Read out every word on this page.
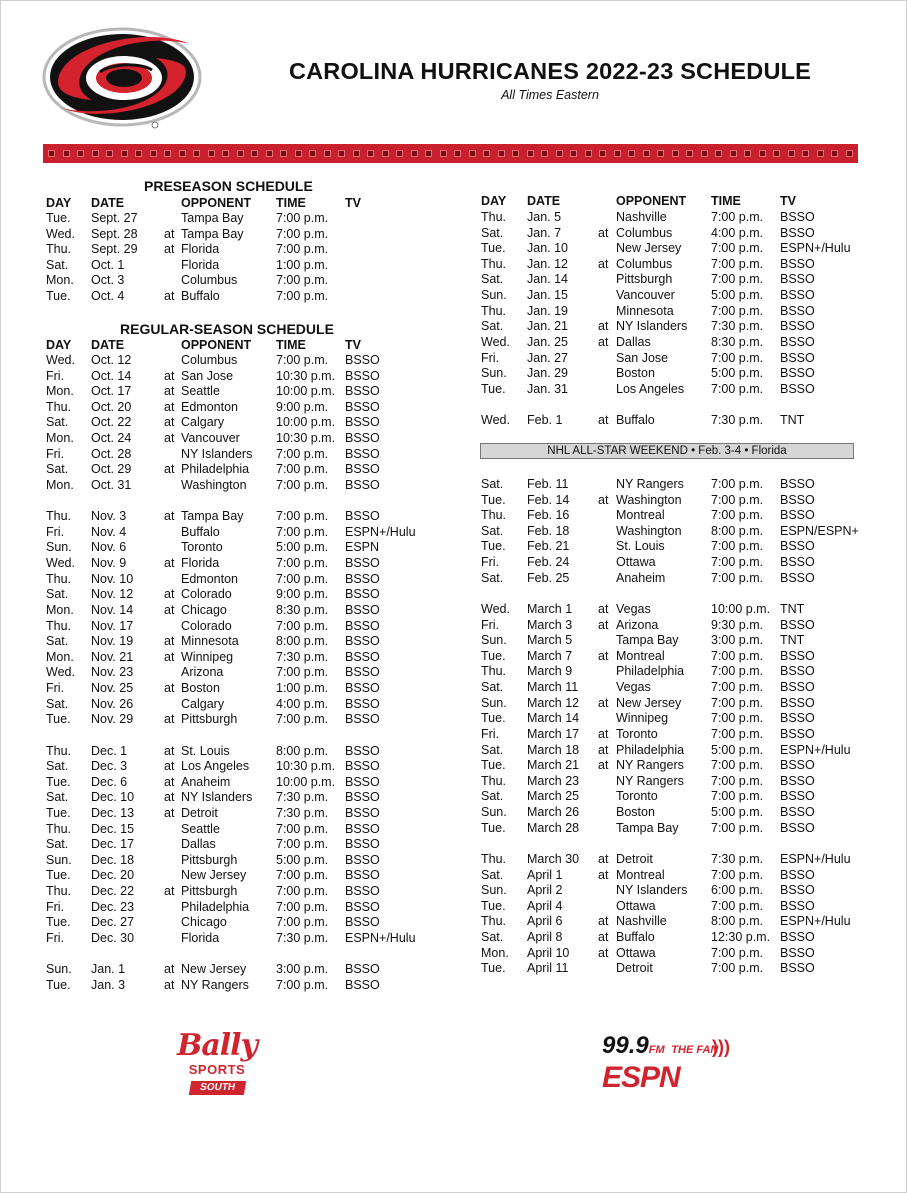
CAROLINA HURRICANES 2022-23 SCHEDULE
All Times Eastern
PRESEASON SCHEDULE
REGULAR-SEASON SCHEDULE
DAY DATE	OPPONENT TIME	TV
Tue. Sept. 27	Tampa Bay	7:00 p.m.
Wed. Sept. 28 at Tampa Bay	7:00 p.m.
Thu. Sept. 29 at Florida	7:00 p.m.
Sat. Oct. 1	Florida	1:00 p.m.
Mon. Oct. 3	Columbus	7:00 p.m.
Tue. Oct. 4	at Buffalo	7:00 p.m.
DAY DATE	OPPONENT TIME	TV
Wed. Oct. 12	Columbus	7:00 p.m. BSSO
Fri. Oct. 14	at San Jose	10:30 p.m. BSSO
Mon. Oct. 17	at Seattle	10:00 p.m. BSSO
Thu. Oct. 20	at Edmonton	9:00 p.m. BSSO
Sat. Oct. 22	at Calgary	10:00 p.m. BSSO
Mon. Oct. 24	at Vancouver	10:30 p.m. BSSO
Fri. Oct. 28	NY Islanders 7:00 p.m. BSSO
Sat. Oct. 29	at Philadelphia 7:00 p.m. BSSO
Mon. Oct. 31	Washington 7:00 p.m. BSSO
Thu. Nov. 3	at Tampa Bay	7:00 p.m. BSSO
Fri. Nov. 4	Buffalo	7:00 p.m. ESPN+/Hulu
Sun. Nov. 6	Toronto	5:00 p.m. ESPN
Wed. Nov. 9	at Florida	7:00 p.m. BSSO
Thu. Nov. 10	Edmonton	7:00 p.m. BSSO
Sat. Nov. 12 at Colorado	9:00 p.m. BSSO
Mon. Nov. 14 at Chicago	8:30 p.m. BSSO
Thu. Nov. 17	Colorado	7:00 p.m. BSSO
Sat. Nov. 19 at Minnesota	8:00 p.m. BSSO
Mon. Nov. 21 at Winnipeg	7:30 p.m. BSSO
Wed. Nov. 23	Arizona	7:00 p.m. BSSO
Fri. Nov. 25 at Boston	1:00 p.m. BSSO
Sat. Nov. 26	Calgary	4:00 p.m. BSSO
Tue. Nov. 29 at Pittsburgh	7:00 p.m. BSSO
Thu. Dec. 1	at St. Louis	8:00 p.m. BSSO
Sat. Dec. 3	at Los Angeles 10:30 p.m. BSSO
Tue. Dec. 6	at Anaheim	10:00 p.m. BSSO
Sat. Dec. 10 at NY Islanders 7:30 p.m. BSSO
Tue. Dec. 13 at Detroit	7:30 p.m. BSSO
Thu. Dec. 15	Seattle	7:00 p.m. BSSO
Sat. Dec. 17	Dallas	7:00 p.m. BSSO
Sun. Dec. 18	Pittsburgh	5:00 p.m. BSSO
Tue. Dec. 20	New Jersey 7:00 p.m. BSSO
Thu. Dec. 22 at Pittsburgh	7:00 p.m. BSSO
Fri. Dec. 23	Philadelphia 7:00 p.m. BSSO
Tue. Dec. 27	Chicago	7:00 p.m. BSSO
Fri. Dec. 30	Florida	7:30 p.m. ESPN+/Hulu
Sun. Jan. 1	at New Jersey 3:00 p.m. BSSO
Tue. Jan. 3	at NY Rangers 7:00 p.m. BSSO
DAY DATE	OPPONENT TIME	TV
Thu. Jan. 5	Nashville	7:00 p.m. BSSO
Sat. Jan. 7	at Columbus	4:00 p.m. BSSO
Tue. Jan. 10	New Jersey 7:00 p.m. ESPN+/Hulu
Thu. Jan. 12 at Columbus	7:00 p.m. BSSO
Sat. Jan. 14	Pittsburgh	7:00 p.m. BSSO
Sun. Jan. 15	Vancouver	5:00 p.m. BSSO
Thu. Jan. 19	Minnesota	7:00 p.m. BSSO
Sat. Jan. 21 at NY Islanders 7:30 p.m. BSSO
Wed. Jan. 25 at Dallas	8:30 p.m. BSSO
Fri. Jan. 27	San Jose	7:00 p.m. BSSO
Sun. Jan. 29	Boston	5:00 p.m. BSSO
Tue. Jan. 31	Los Angeles 7:00 p.m. BSSO
Wed. Feb. 1	at Buffalo	7:30 p.m. TNT
Sat. Feb. 11	NY Rangers 7:00 p.m. BSSO
Tue. Feb. 14 at Washington 7:00 p.m. BSSO
Thu. Feb. 16	Montreal	7:00 p.m. BSSO
Sat. Feb. 18	Washington 8:00 p.m. ESPN/ESPN+
Tue. Feb. 21	St. Louis	7:00 p.m. BSSO
Fri. Feb. 24	Ottawa	7:00 p.m. BSSO
Sat. Feb. 25	Anaheim	7:00 p.m. BSSO
Wed. March 1 at Vegas	10:00 p.m. TNT
Fri. March 3 at Arizona	9:30 p.m. BSSO
Sun. March 5	Tampa Bay	3:00 p.m. TNT
Tue. March 7 at Montreal	7:00 p.m. BSSO
Thu. March 9	Philadelphia 7:00 p.m. BSSO
Sat. March 11	Vegas	7:00 p.m. BSSO
Sun. March 12 at New Jersey 7:00 p.m. BSSO
Tue. March 14	Winnipeg	7:00 p.m. BSSO
Fri. March 17 at Toronto	7:00 p.m. BSSO
Sat. March 18 at Philadelphia 5:00 p.m. ESPN+/Hulu
Tue. March 21 at NY Rangers 7:00 p.m. BSSO
Thu. March 23	NY Rangers 7:00 p.m. BSSO
Sat. March 25	Toronto	7:00 p.m. BSSO
Sun. March 26	Boston	5:00 p.m. BSSO
Tue. March 28	Tampa Bay	7:00 p.m. BSSO
Thu. March 30 at Detroit	7:30 p.m. ESPN+/Hulu
Sat. April 1	at Montreal	7:00 p.m. BSSO
Sun. April 2	NY Islanders 6:00 p.m. BSSO
Tue. April 4	Ottawa	7:00 p.m. BSSO
Thu. April 6	at Nashville	8:00 p.m. ESPN+/Hulu
Sat. April 8	at Buffalo	12:30 p.m. BSSO
Mon. April 10 at Ottawa	7:00 p.m. BSSO
Tue. April 11	Detroit	7:00 p.m. BSSO
NHL ALL-STAR WEEKEND • Feb. 3-4 • Florida
Bally
SPORTS
SOUTH
99.9FM THE FAN
ESPN
)))
